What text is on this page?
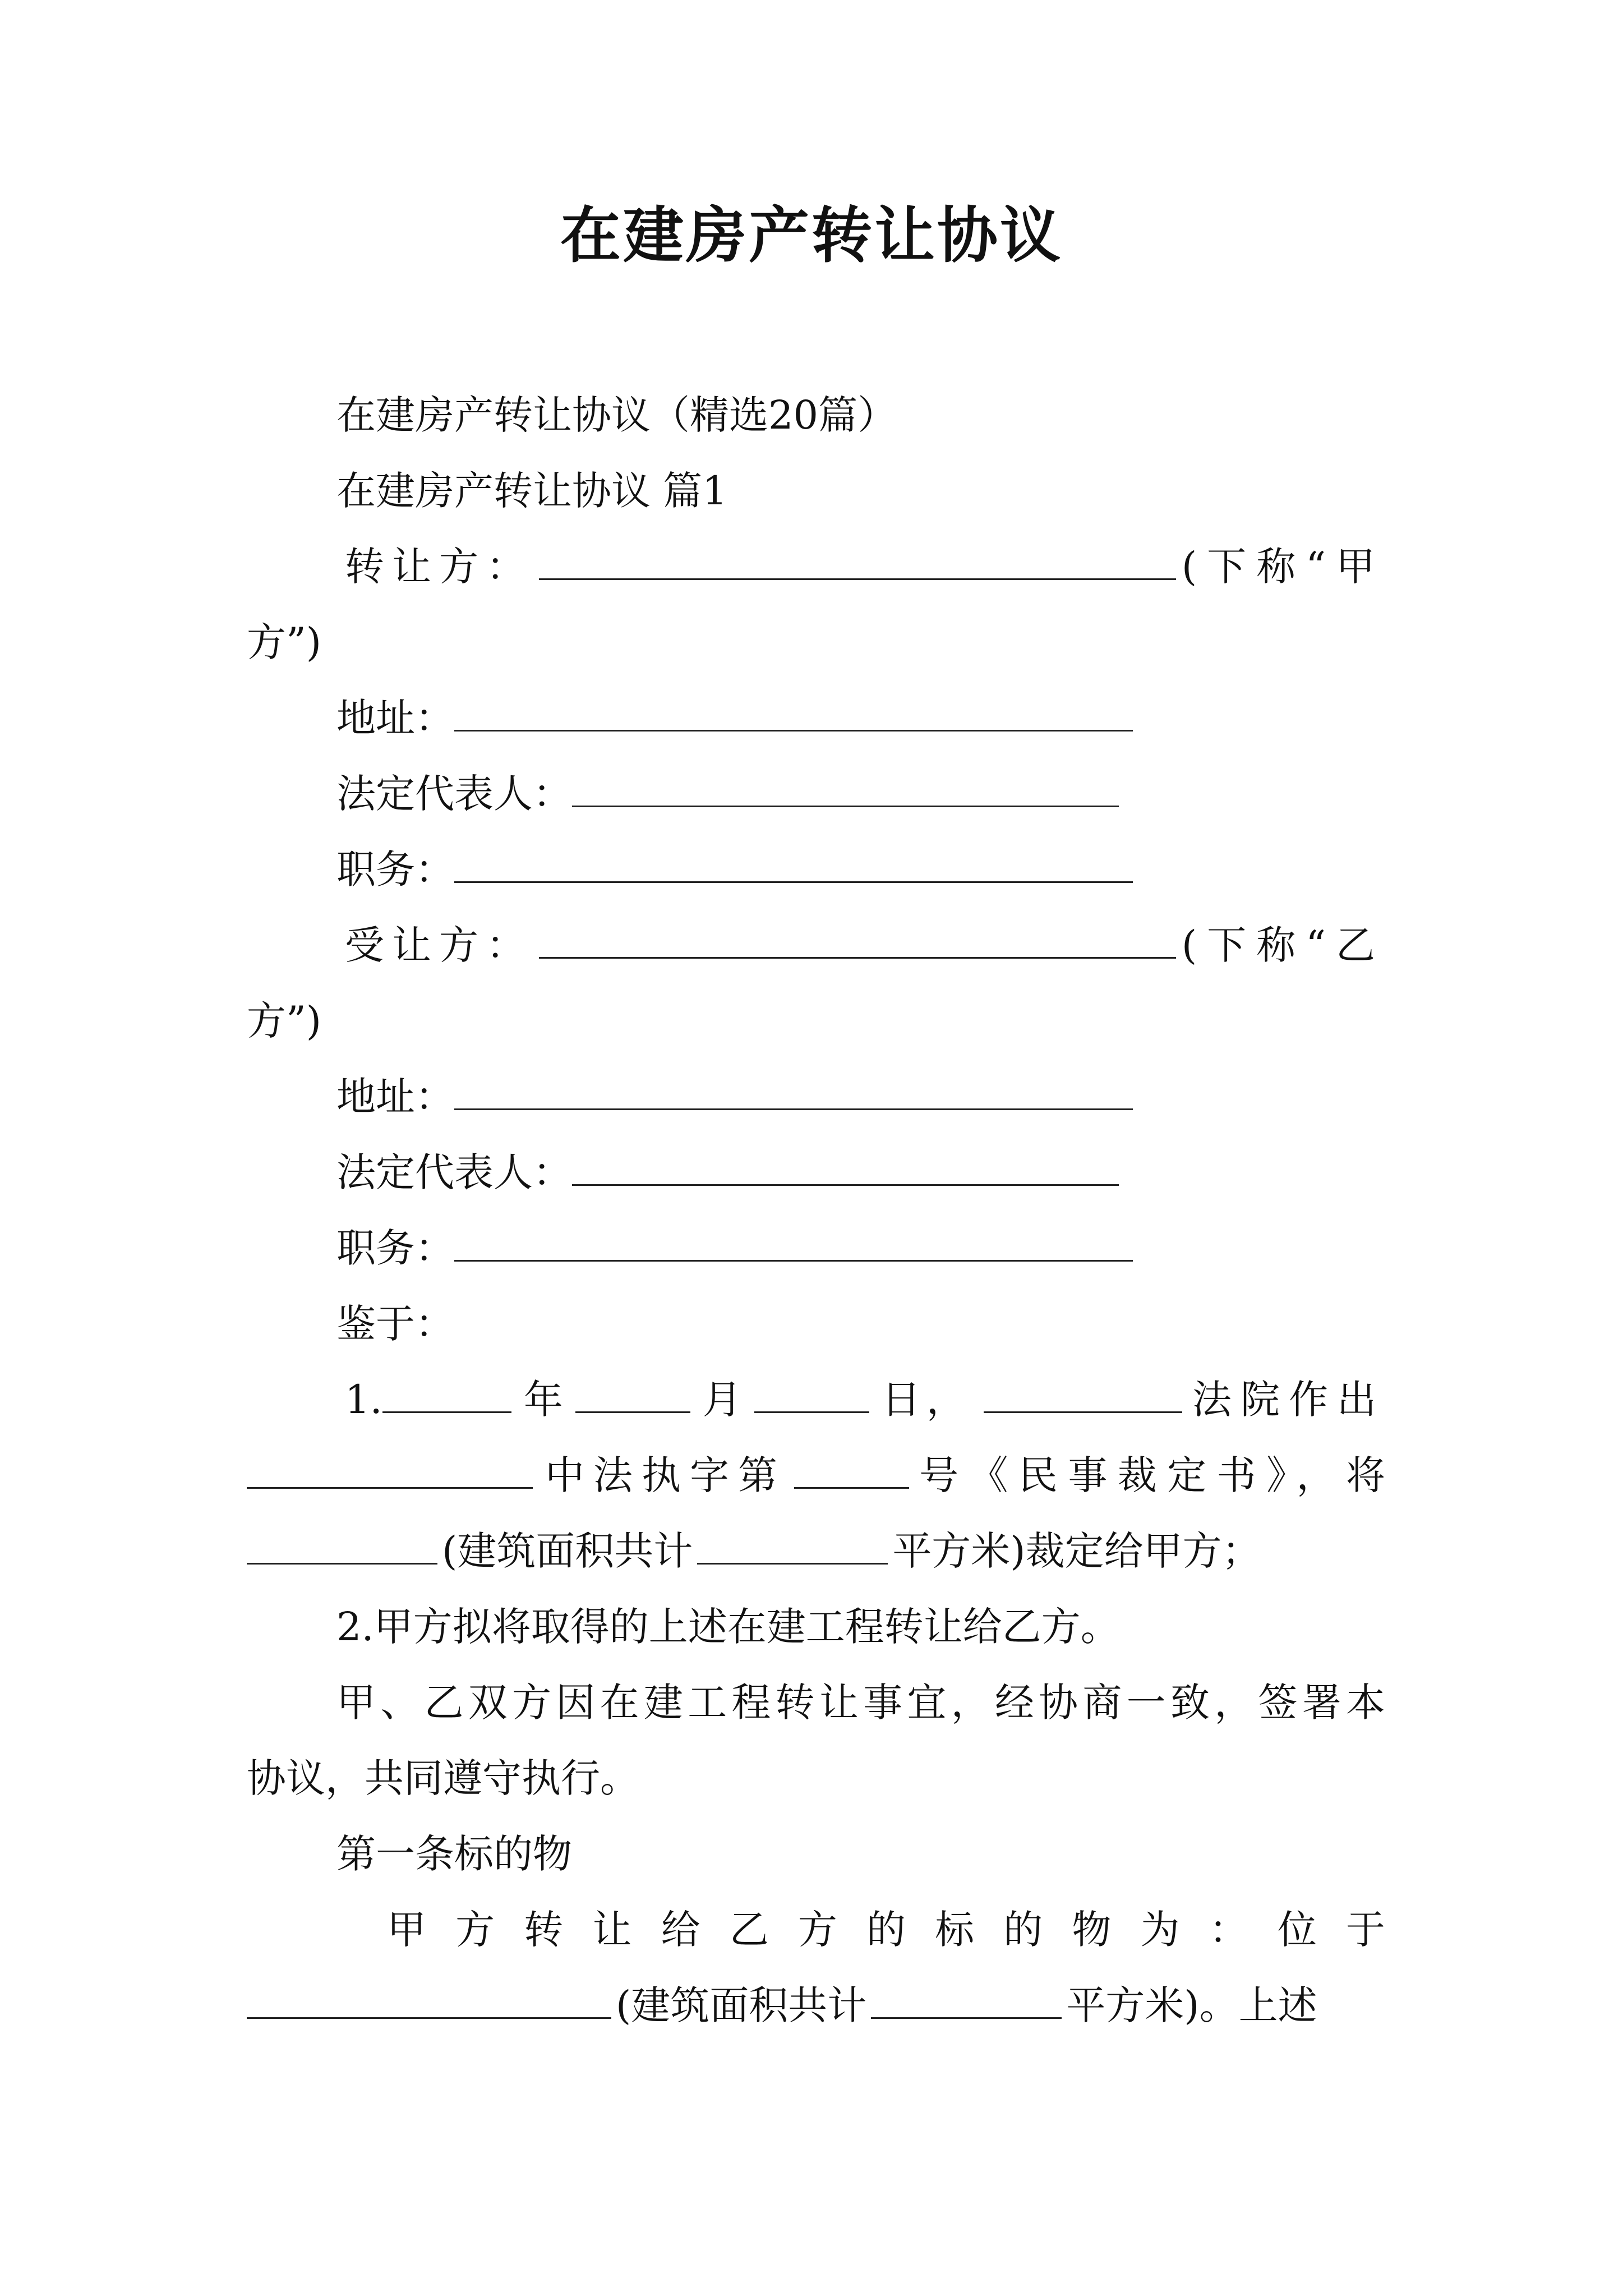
在建房产转让协议
在建房产转让协议（精选20篇）
在建房产转让协议 篇1
转让方：	(下称“甲
方”)
地址：
法定代表人：
职务：
受让方：	(下称“乙
方”)
地址：
法定代表人：
职务：
鉴于：
1.	年	月	日，	法院作出
中法执字第	号《民事裁定书》，将
(建筑面积共计	平方米)裁定给甲方；
2.甲方拟将取得的上述在建工程转让给乙方。
甲、乙双方因在建工程转让事宜，经协商一致，签署本
协议，共同遵守执行。
第一条标的物
甲方转让给乙方的标的物为：位于
(建筑面积共计	平方米)。上述
